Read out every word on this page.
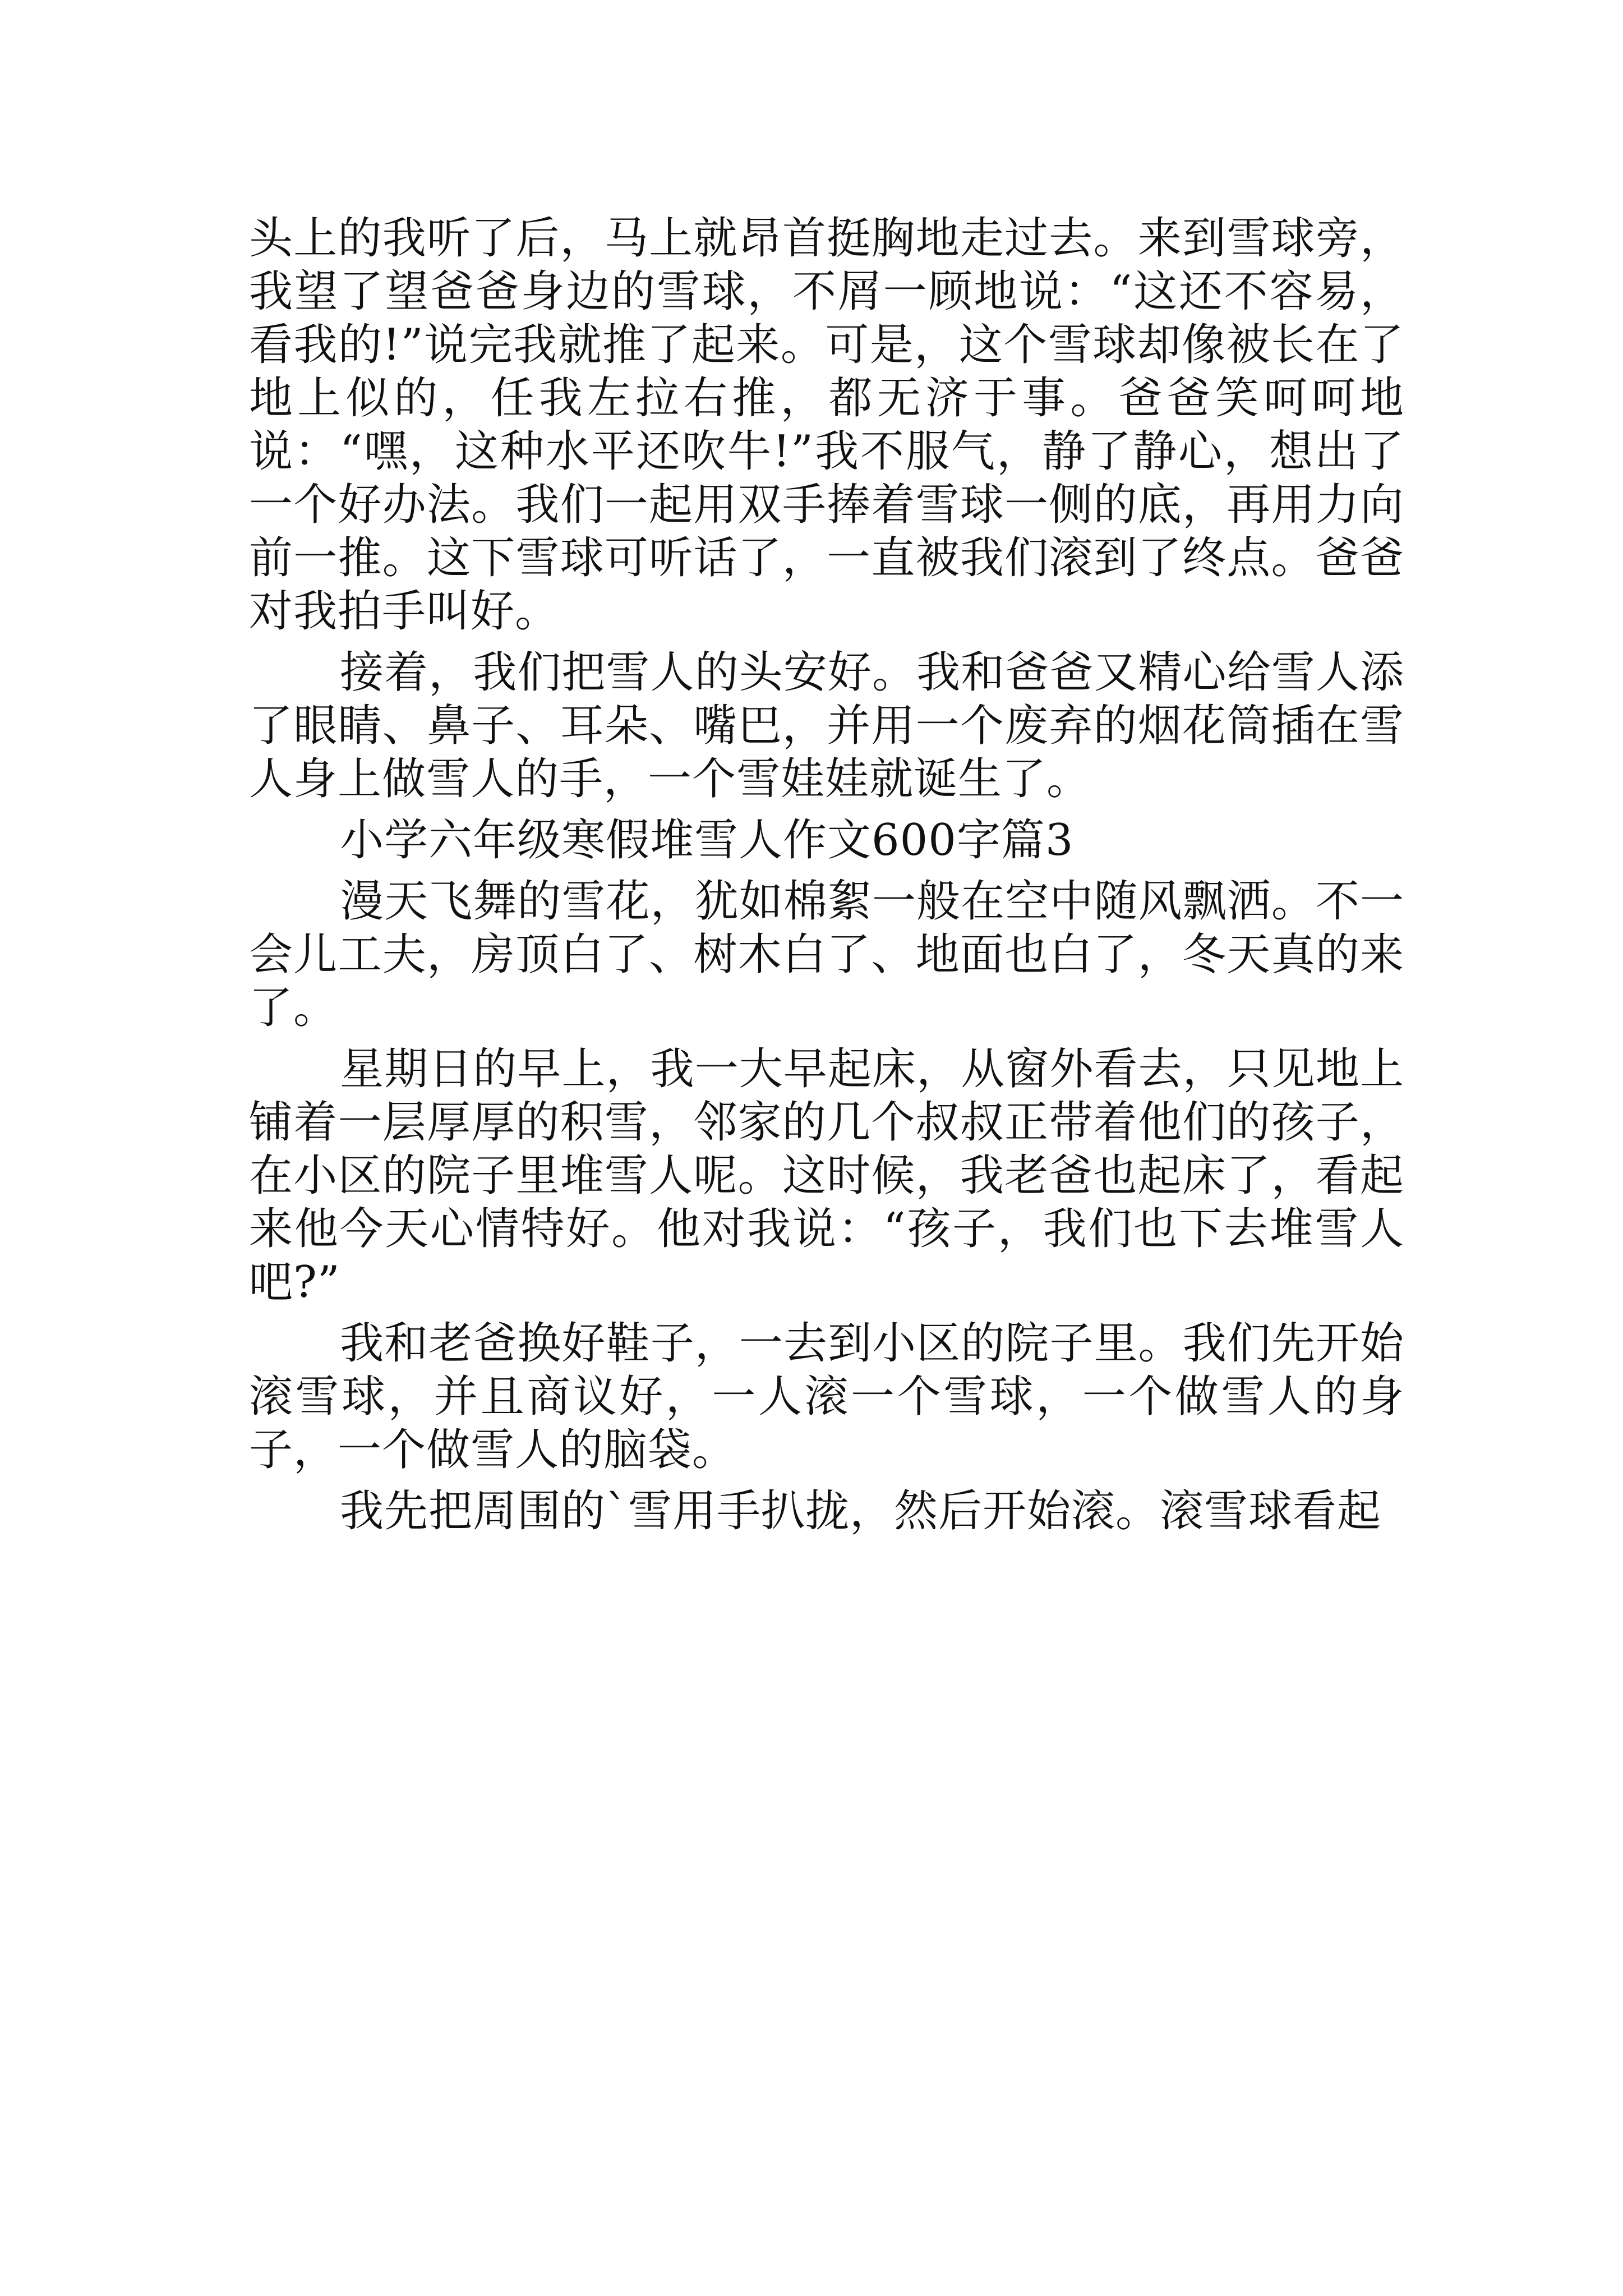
头上的我听了后，马上就昂首挺胸地走过去。来到雪球旁，我望了望爸爸身边的雪球，不屑一顾地说：“这还不容易，看我的!”说完我就推了起来。可是，这个雪球却像被长在了地上似的，任我左拉右推，都无济于事。爸爸笑呵呵地说：“嘿，这种水平还吹牛!”我不服气，静了静心，想出了一个好办法。我们一起用双手捧着雪球一侧的底，再用力向前一推。这下雪球可听话了，一直被我们滚到了终点。爸爸对我拍手叫好。

接着，我们把雪人的头安好。我和爸爸又精心给雪人添了眼睛、鼻子、耳朵、嘴巴，并用一个废弃的烟花筒插在雪人身上做雪人的手，一个雪娃娃就诞生了。

小学六年级寒假堆雪人作文600字篇3

漫天飞舞的雪花，犹如棉絮一般在空中随风飘洒。不一会儿工夫，房顶白了、树木白了、地面也白了，冬天真的来了。

星期日的早上，我一大早起床，从窗外看去，只见地上铺着一层厚厚的积雪，邻家的几个叔叔正带着他们的孩子，在小区的院子里堆雪人呢。这时候，我老爸也起床了，看起来他今天心情特好。他对我说：“孩子，我们也下去堆雪人吧?”

我和老爸换好鞋子，一去到小区的院子里。我们先开始滚雪球，并且商议好，一人滚一个雪球，一个做雪人的身子，一个做雪人的脑袋。

我先把周围的`雪用手扒拢，然后开始滚。滚雪球看起
